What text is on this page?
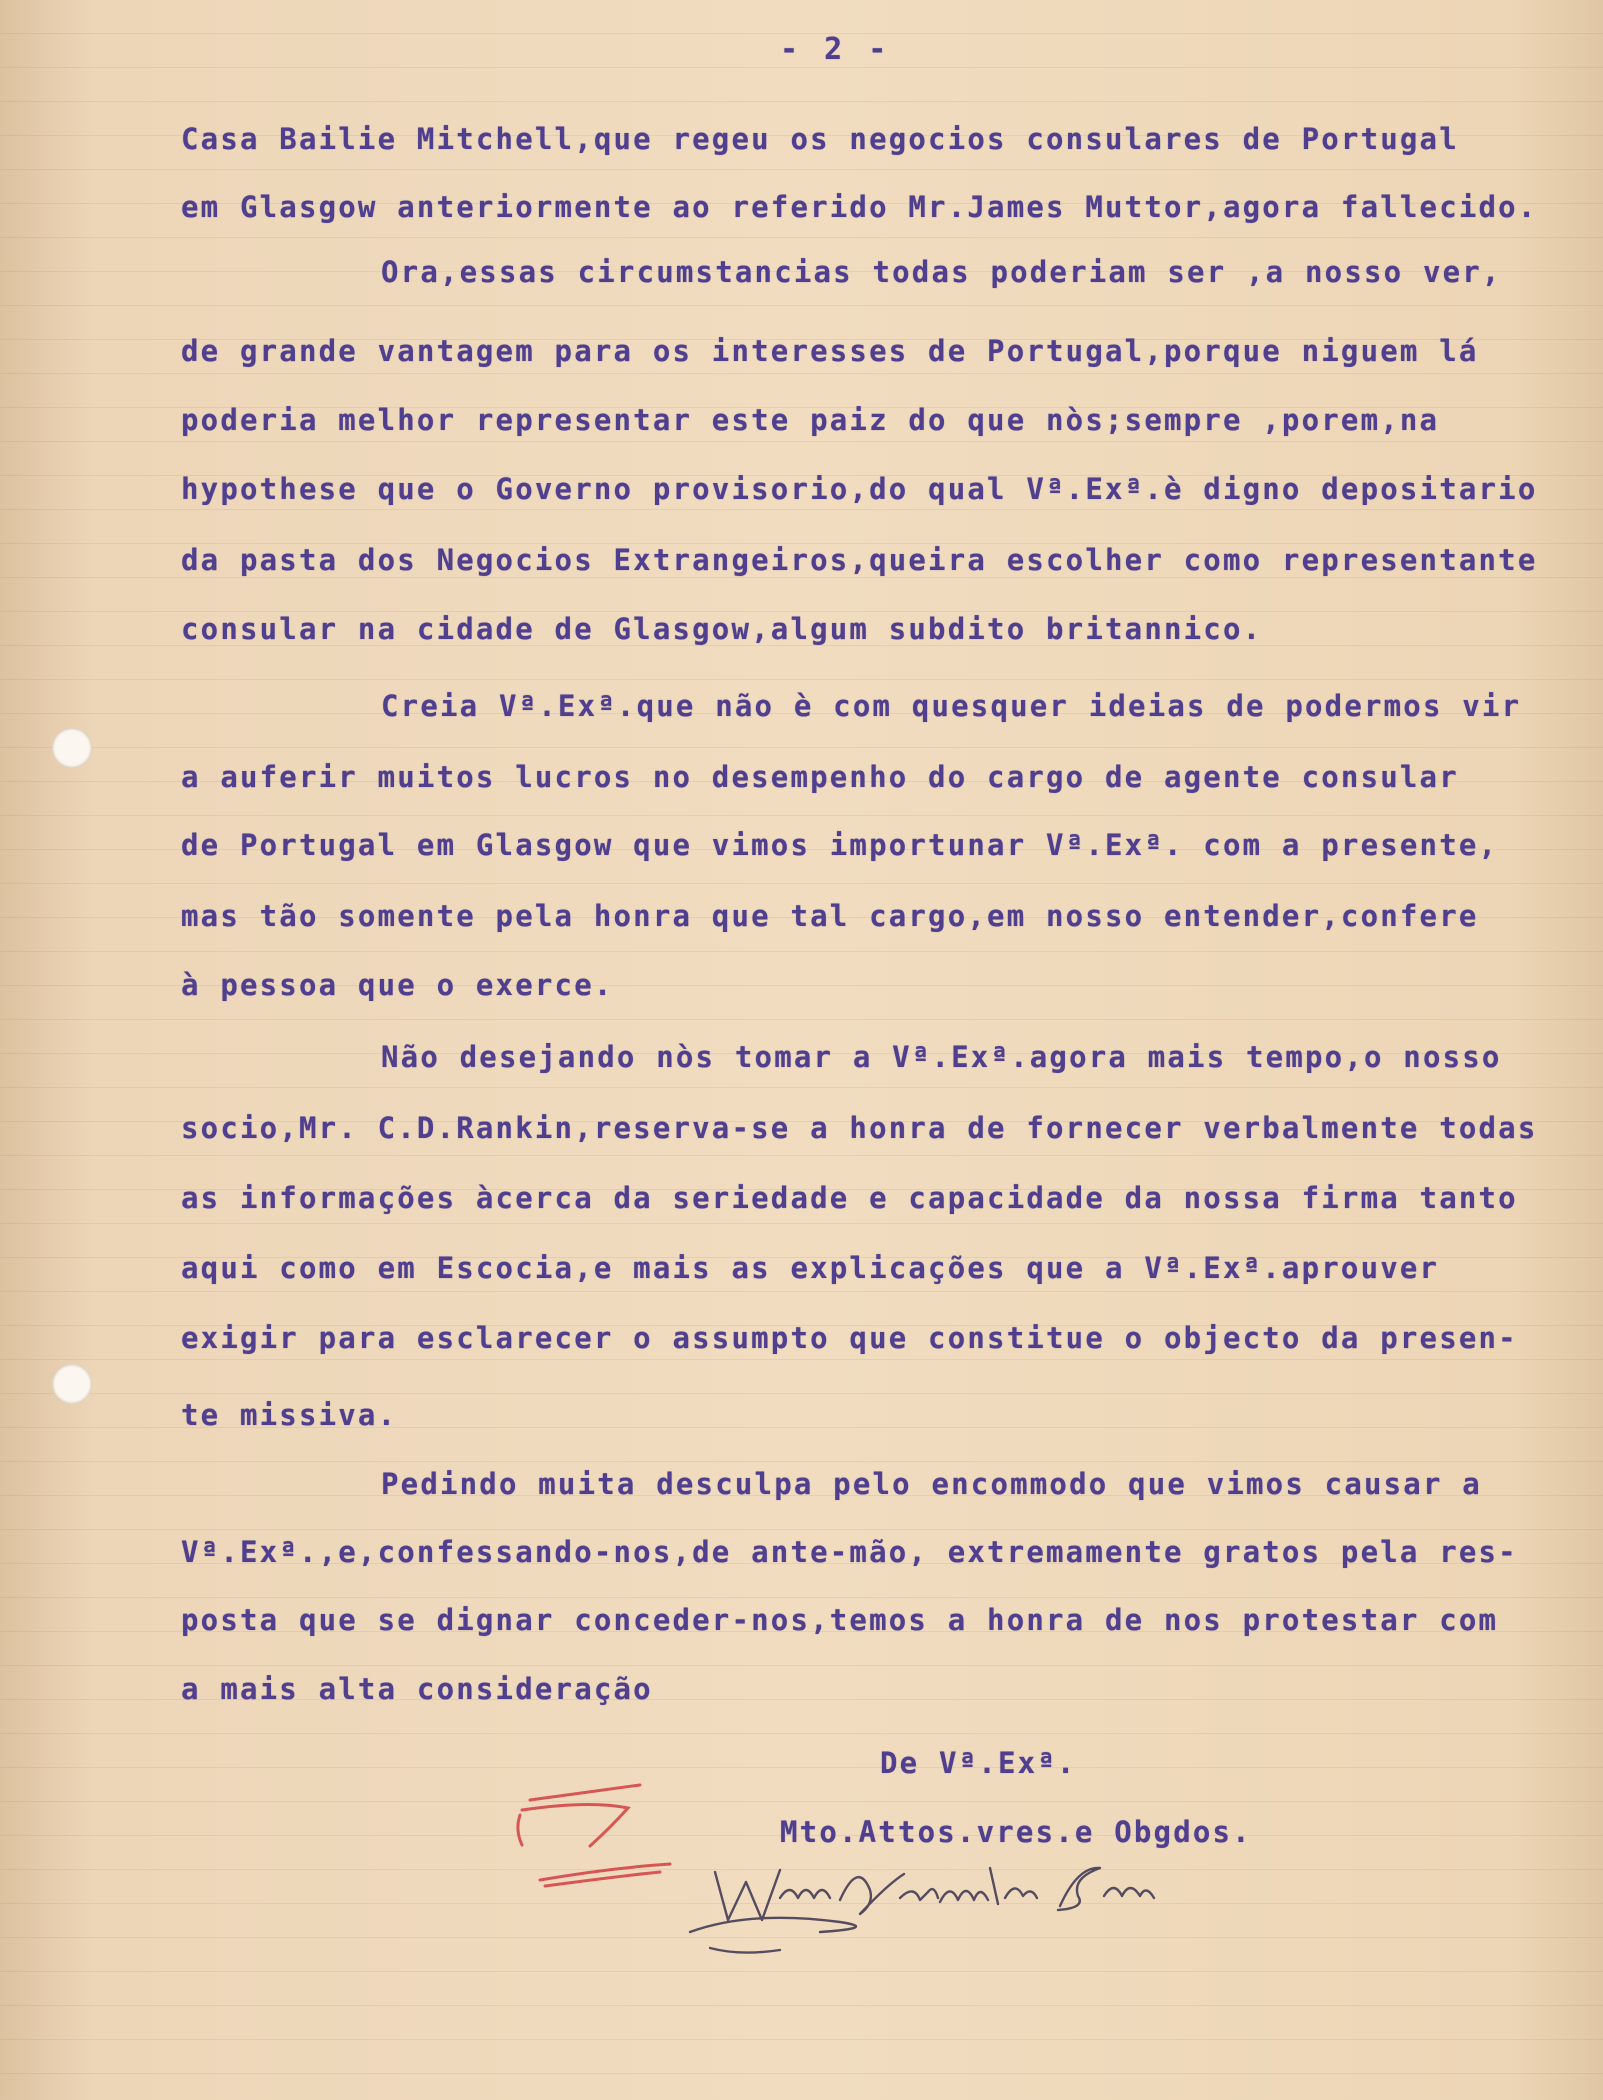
- 2 -
Casa Bailie Mitchell,que regeu os negocios consulares de Portugal
em Glasgow anteriormente ao referido Mr.James Muttor,agora fallecido.
Ora,essas circumstancias todas poderiam ser ,a nosso ver,
de grande vantagem para os interesses de Portugal,porque niguem lá
poderia melhor representar este paiz do que nòs;sempre ,porem,na
hypothese que o Governo provisorio,do qual Vª.Exª.è digno depositario
da pasta dos Negocios Extrangeiros,queira escolher como representante
consular na cidade de Glasgow,algum subdito britannico.
Creia Vª.Exª.que não è com quesquer ideias de podermos vir
a auferir muitos lucros no desempenho do cargo de agente consular
de Portugal em Glasgow que vimos importunar Vª.Exª. com a presente,
mas tão somente pela honra que tal cargo,em nosso entender,confere
à pessoa que o exerce.
Não desejando nòs tomar a Vª.Exª.agora mais tempo,o nosso
socio,Mr. C.D.Rankin,reserva-se a honra de fornecer verbalmente todas
as informações àcerca da seriedade e capacidade da nossa firma tanto
aqui como em Escocia,e mais as explicações que a Vª.Exª.aprouver
exigir para esclarecer o assumpto que constitue o objecto da presen-
te missiva.
Pedindo muita desculpa pelo encommodo que vimos causar a
Vª.Exª.,e,confessando-nos,de ante-mão, extremamente gratos pela res-
posta que se dignar conceder-nos,temos a honra de nos protestar com
a mais alta consideração
De Vª.Exª.
Mto.Attos.vres.e Obgdos.
